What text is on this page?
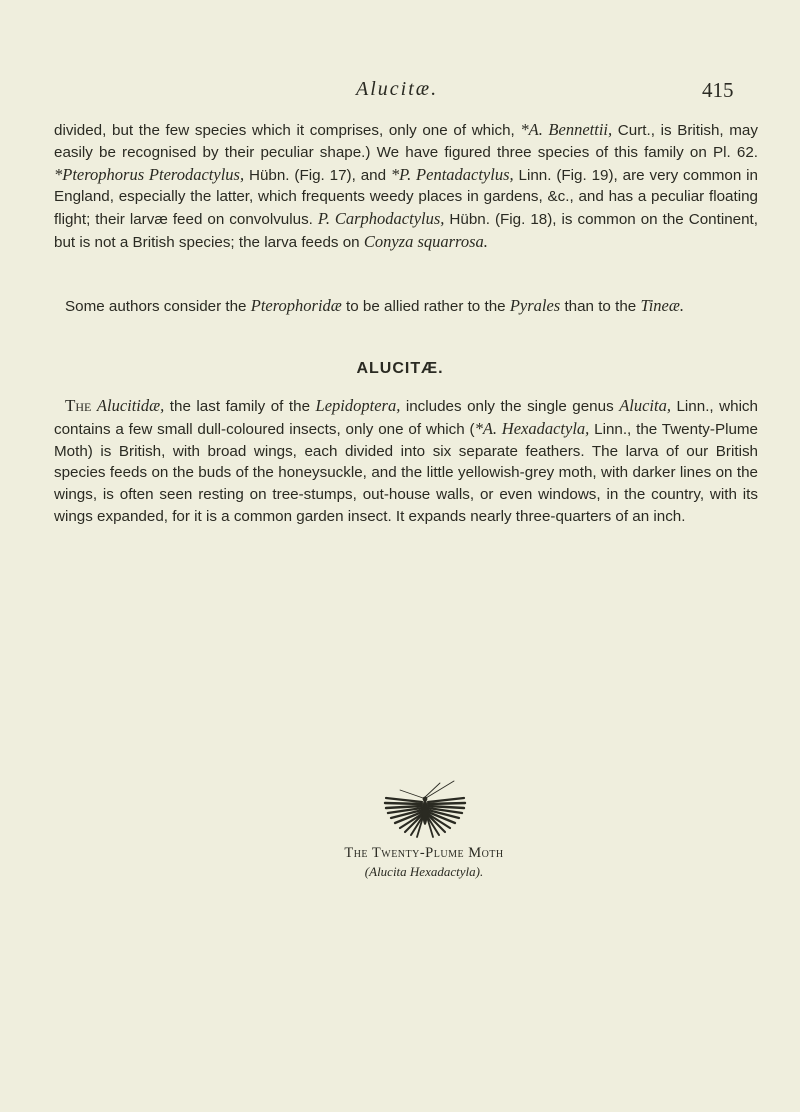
Alucitæ.	415

divided, but the few species which it comprises, only one of which, *A. Bennettii, Curt., is British, may easily be recognised by their peculiar shape.) We have figured three species of this family on Pl. 62. *Pterophorus Pterodactylus, Hübn. (Fig. 17), and *P. Pentadactylus, Linn. (Fig. 19), are very common in England, especially the latter, which frequents weedy places in gardens, &c., and has a peculiar floating flight; their larvæ feed on convolvulus. P. Carphodactylus, Hübn. (Fig. 18), is common on the Continent, but is not a British species; the larva feeds on Conyza squarrosa.

Some authors consider the Pterophoridæ to be allied rather to the Pyrales than to the Tineæ.

ALUCITÆ.

The Alucitidæ, the last family of the Lepidoptera, includes only the single genus Alucita, Linn., which contains a few small dull-coloured insects, only one of which (*A. Hexadactyla, Linn., the Twenty-Plume Moth) is British, with broad wings, each divided into six separate feathers. The larva of our British species feeds on the buds of the honeysuckle, and the little yellowish-grey moth, with darker lines on the wings, is often seen resting on tree-stumps, out-house walls, or even windows, in the country, with its wings expanded, for it is a common garden insect. It expands nearly three-quarters of an inch.

The Twenty-Plume Moth
(Alucita Hexadactyla).
